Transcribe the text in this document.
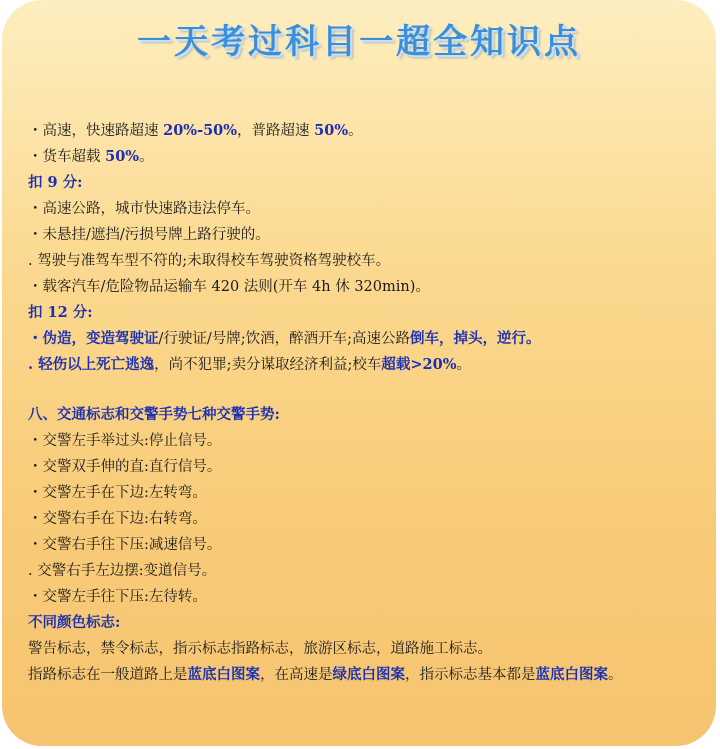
一天考过科目一超全知识点
・高速，快速路超速 20%-50%，普路超速 50%。
・货车超载 50%。
扣 9 分:
・高速公路，城市快速路违法停车。
・未悬挂/遮挡/污损号牌上路行驶的。
. 驾驶与准驾车型不符的;未取得校车驾驶资格驾驶校车。
・载客汽车/危险物品运输车 420 法则(开车 4h 休 320min)。
扣 12 分:
・伪造，变造驾驶证/行驶证/号牌;饮酒，醉酒开车;高速公路倒车，掉头，逆行。
. 轻伤以上死亡逃逸，尚不犯罪;卖分谋取经济利益;校车超载>20%。
八、交通标志和交警手势七种交警手势:
・交警左手举过头:停止信号。
・交警双手伸的直:直行信号。
・交警左手在下边:左转弯。
・交警右手在下边:右转弯。
・交警右手往下压:减速信号。
. 交警右手左边摆:变道信号。
・交警左手往下压:左待转。
不同颜色标志:
警告标志，禁令标志，指示标志指路标志，旅游区标志，道路施工标志。
指路标志在一般道路上是蓝底白图案，在高速是绿底白图案，指示标志基本都是蓝底白图案。
